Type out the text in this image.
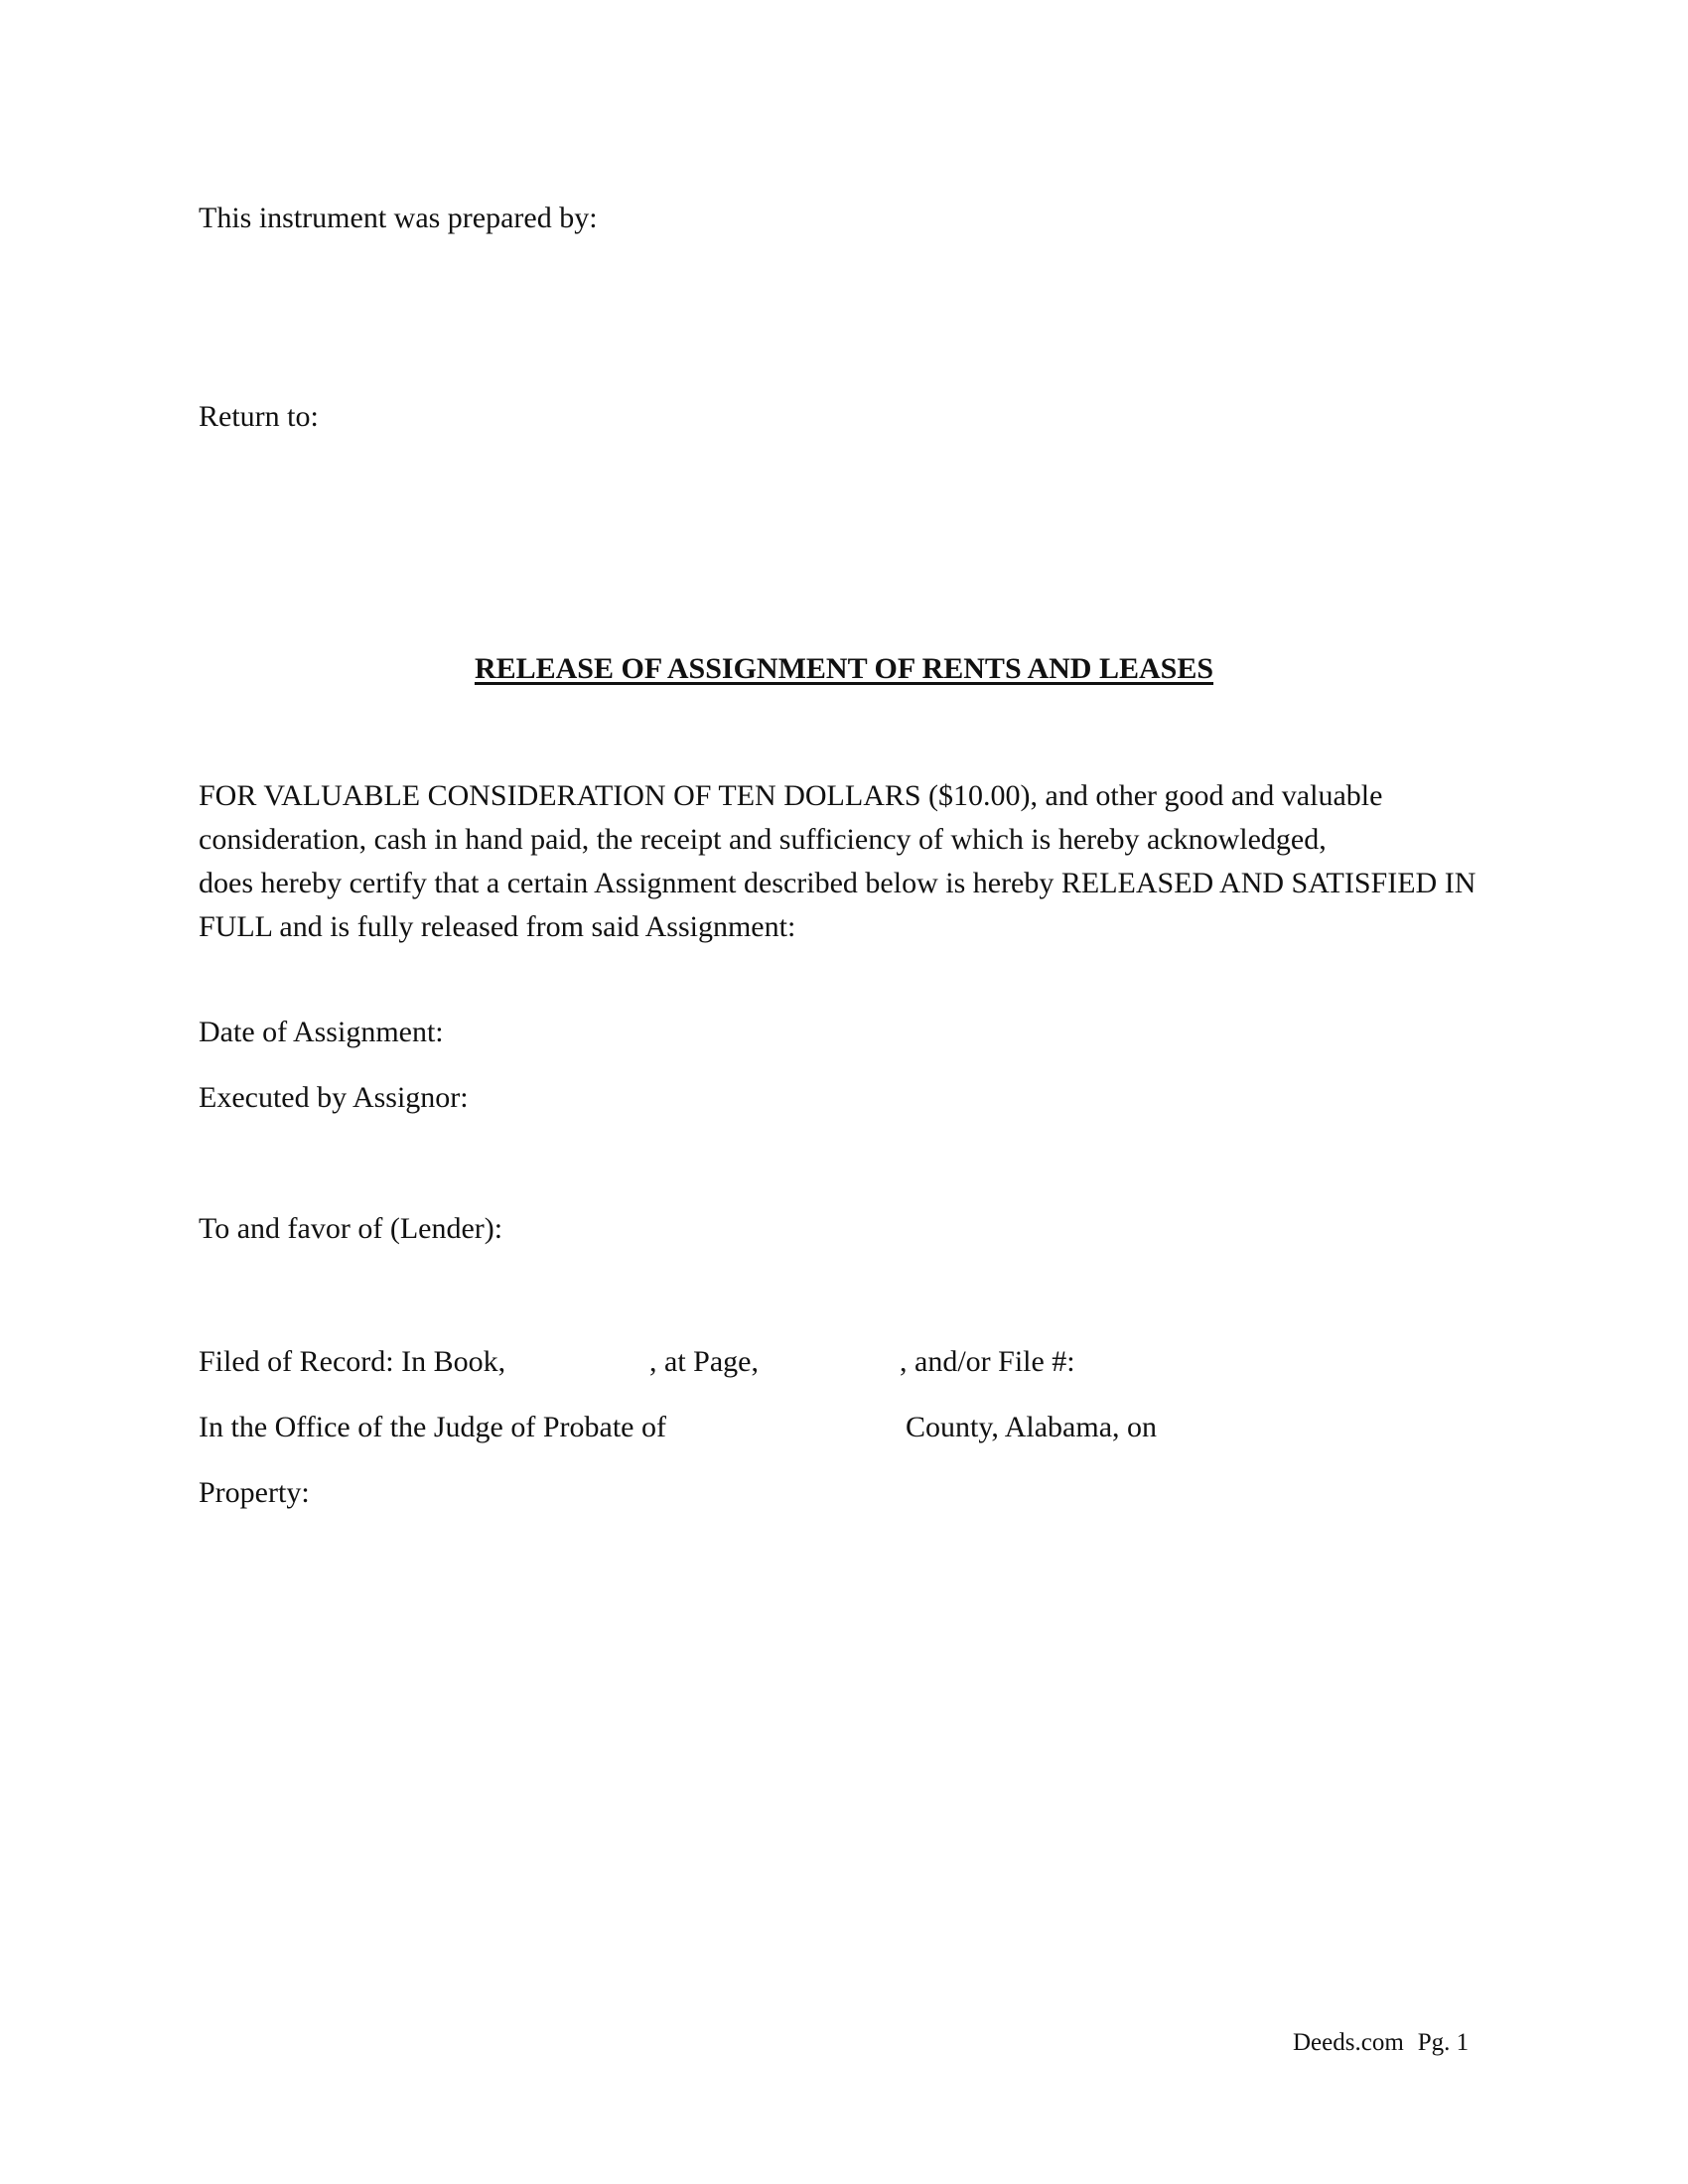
This instrument was prepared by:
Return to:
RELEASE OF ASSIGNMENT OF RENTS AND LEASES

FOR VALUABLE CONSIDERATION OF TEN DOLLARS ($10.00), and other good and valuable consideration, cash in hand paid, the receipt and sufficiency of which is hereby acknowledged,

does hereby certify that a certain Assignment described below is hereby RELEASED AND SATISFIED IN FULL and is fully released from said Assignment:

Date of Assignment:
Executed by Assignor:
To and favor of (Lender):
Filed of Record: In Book,	, at Page,	, and/or File #:
In the Office of the Judge of Probate of	County, Alabama, on
Property:
Deeds.com Pg. 1
